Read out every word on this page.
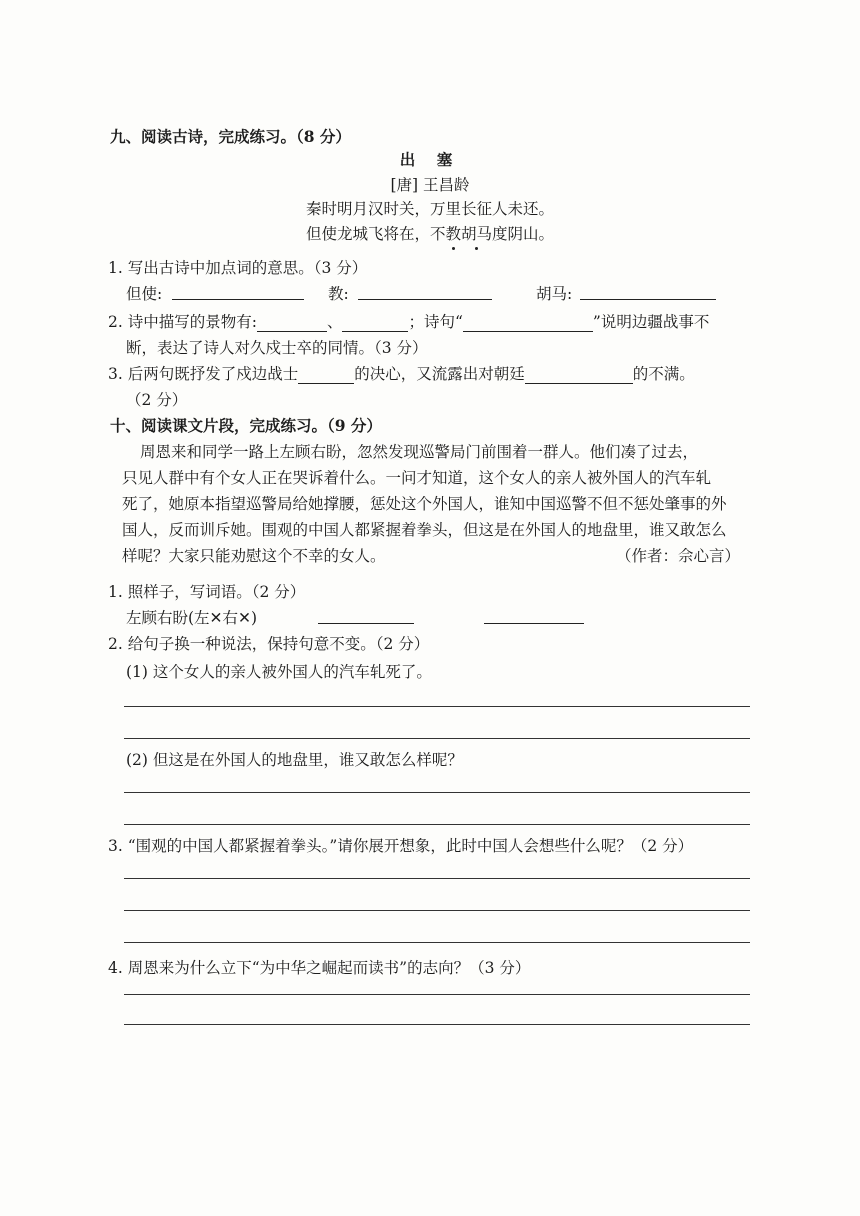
九、阅读古诗，完成练习。（8 分）
出 塞
[唐] 王昌龄
秦时明月汉时关，万里长征人未还。
但使龙城飞将在，不教胡马度阴山。
1. 写出古诗中加点词的意思。（3 分）
但使:	教:	胡马:
2. 诗中描写的景物有:	、	；诗句“	”说明边疆战事不
断，表达了诗人对久戍士卒的同情。（3 分）
3. 后两句既抒发了戍边战士	的决心，又流露出对朝廷	的不满。
（2 分）
十、阅读课文片段，完成练习。（9 分）
周恩来和同学一路上左顾右盼，忽然发现巡警局门前围着一群人。他们凑了过去，
只见人群中有个女人正在哭诉着什么。一问才知道，这个女人的亲人被外国人的汽车轧
死了，她原本指望巡警局给她撑腰，惩处这个外国人，谁知中国巡警不但不惩处肇事的外
国人，反而训斥她。围观的中国人都紧握着拳头，但这是在外国人的地盘里，谁又敢怎么
样呢？大家只能劝慰这个不幸的女人。	（作者：佘心言）
1. 照样子，写词语。（2 分）
左顾右盼(左✕右✕)
2. 给句子换一种说法，保持句意不变。（2 分）
(1) 这个女人的亲人被外国人的汽车轧死了。
(2) 但这是在外国人的地盘里，谁又敢怎么样呢？
3. “围观的中国人都紧握着拳头。”请你展开想象，此时中国人会想些什么呢？（2 分）
4. 周恩来为什么立下“为中华之崛起而读书”的志向？（3 分）
